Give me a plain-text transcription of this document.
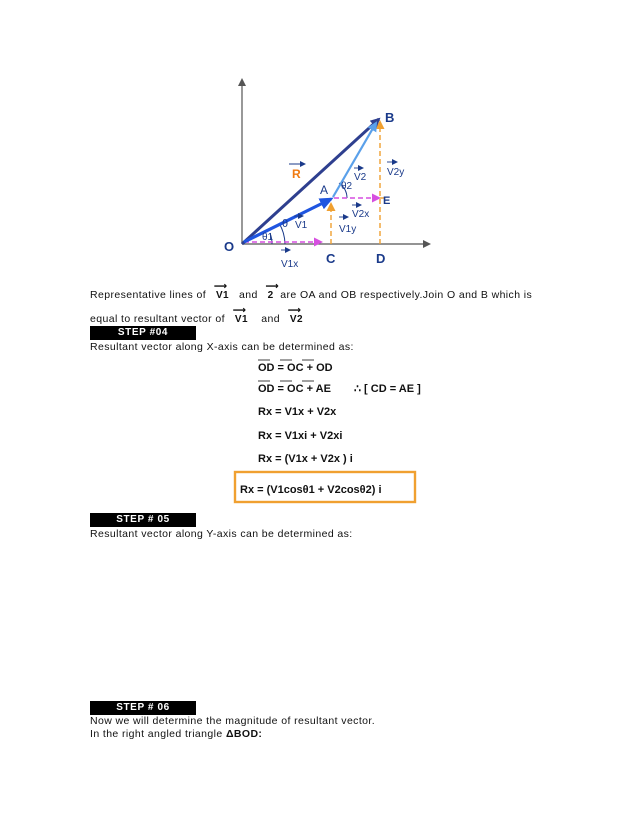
O
A
B
C	D
E
R
θ1
θ
θ2
V1
V2 V2y
V2x
V1y
V1x
Representative lines of
⟶
V1 and
⟶
2 are OA and OB respectively.Join O and B which is
equal to resultant vector of
⟶
V1 and
⟶
V2
STEP #04
Resultant vector along X-axis can be determined as:
OD = OC + OD
OD = OC + AE ∴ [ CD = AE ]
Rx = V1x + V2x
Rx = V1xi + V2xi
Rx = (V1x + V2x ) i
Rx = (V1cosθ1 + V2cosθ2) i
STEP # 05
Resultant vector along Y-axis can be determined as:
STEP # 06
Now we will determine the magnitude of resultant vector.
In the right angled triangle ΔBOD:
